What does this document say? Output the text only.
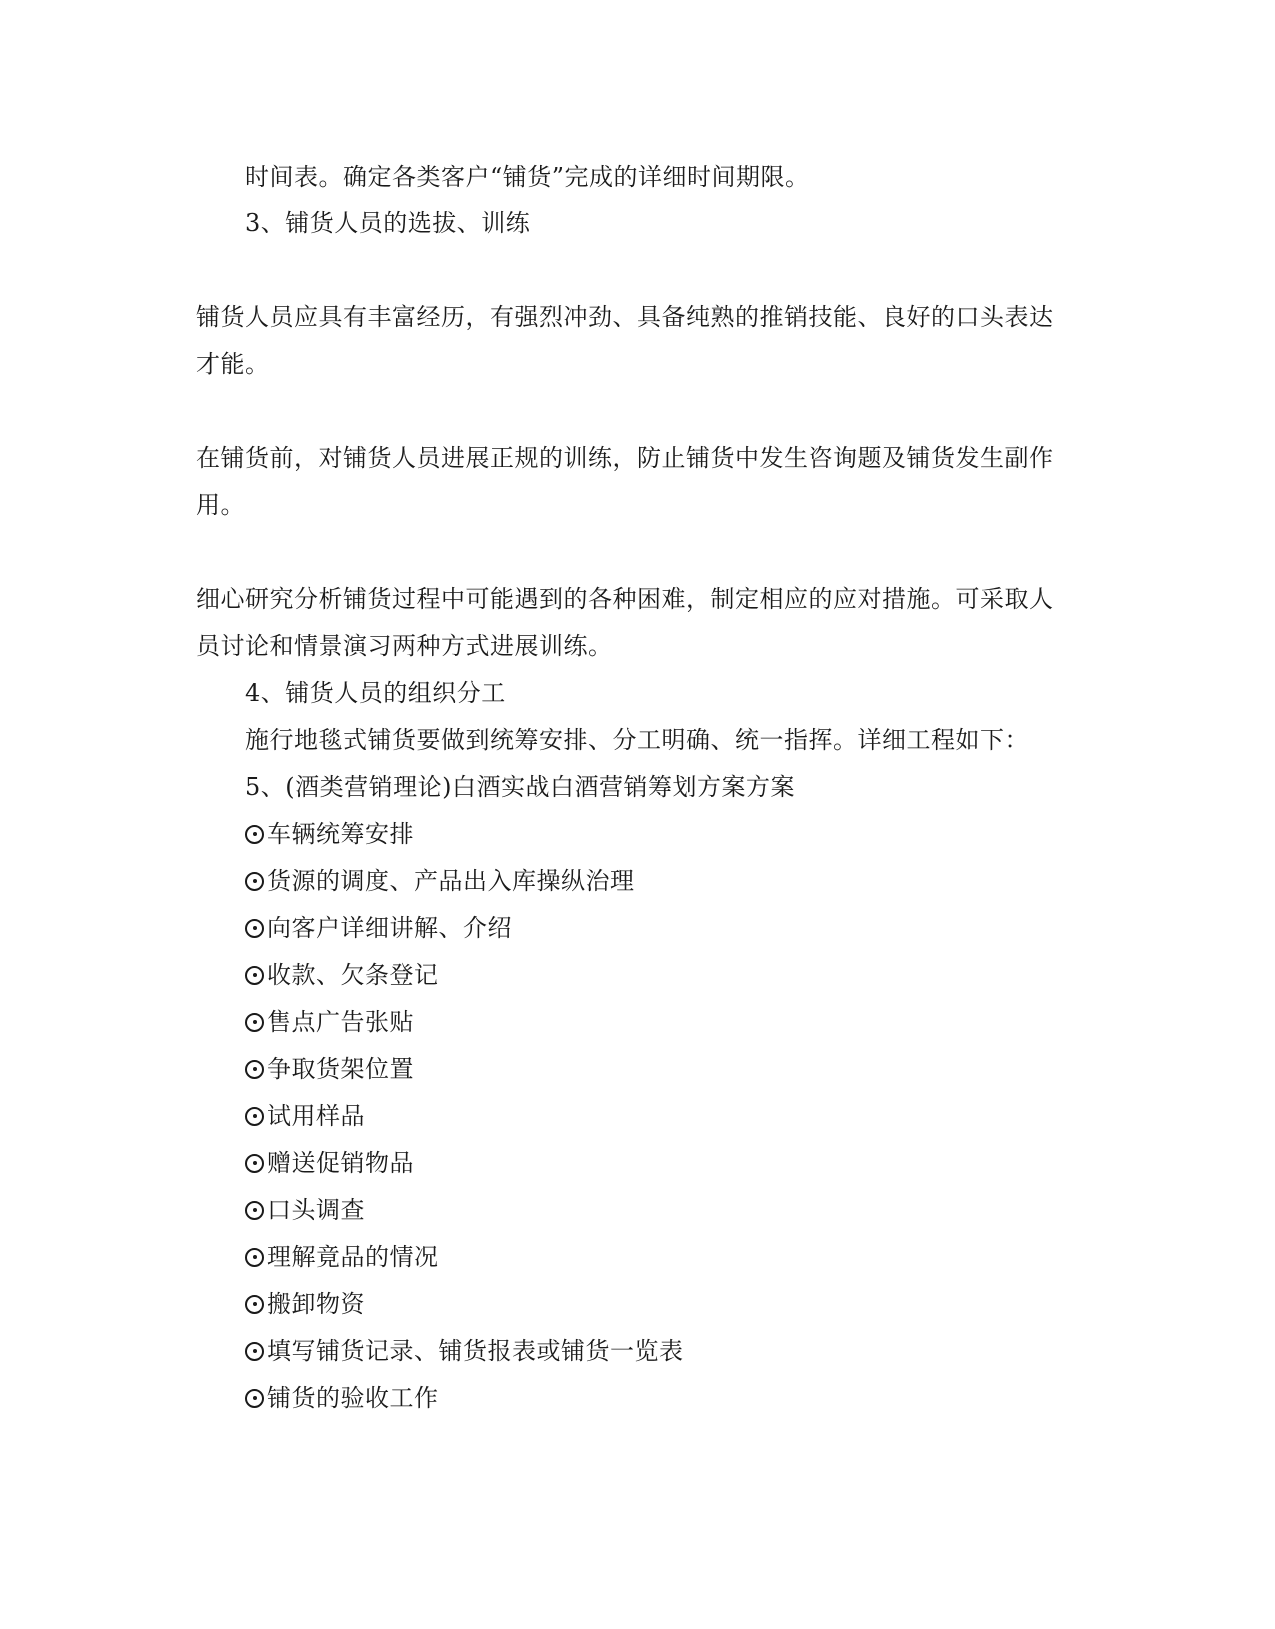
时间表。确定各类客户“铺货”完成的详细时间期限。
3、铺货人员的选拔、训练
铺货人员应具有丰富经历，有强烈冲劲、具备纯熟的推销技能、良好的口头表达
才能。
在铺货前，对铺货人员进展正规的训练，防止铺货中发生咨询题及铺货发生副作
用。
细心研究分析铺货过程中可能遇到的各种困难，制定相应的应对措施。可采取人
员讨论和情景演习两种方式进展训练。
4、铺货人员的组织分工
施行地毯式铺货要做到统筹安排、分工明确、统一指挥。详细工程如下：
5、(酒类营销理论)白酒实战白酒营销筹划方案方案
车辆统筹安排
货源的调度、产品出入库操纵治理
向客户详细讲解、介绍
收款、欠条登记
售点广告张贴
争取货架位置
试用样品
赠送促销物品
口头调查
理解竟品的情况
搬卸物资
填写铺货记录、铺货报表或铺货一览表
铺货的验收工作
